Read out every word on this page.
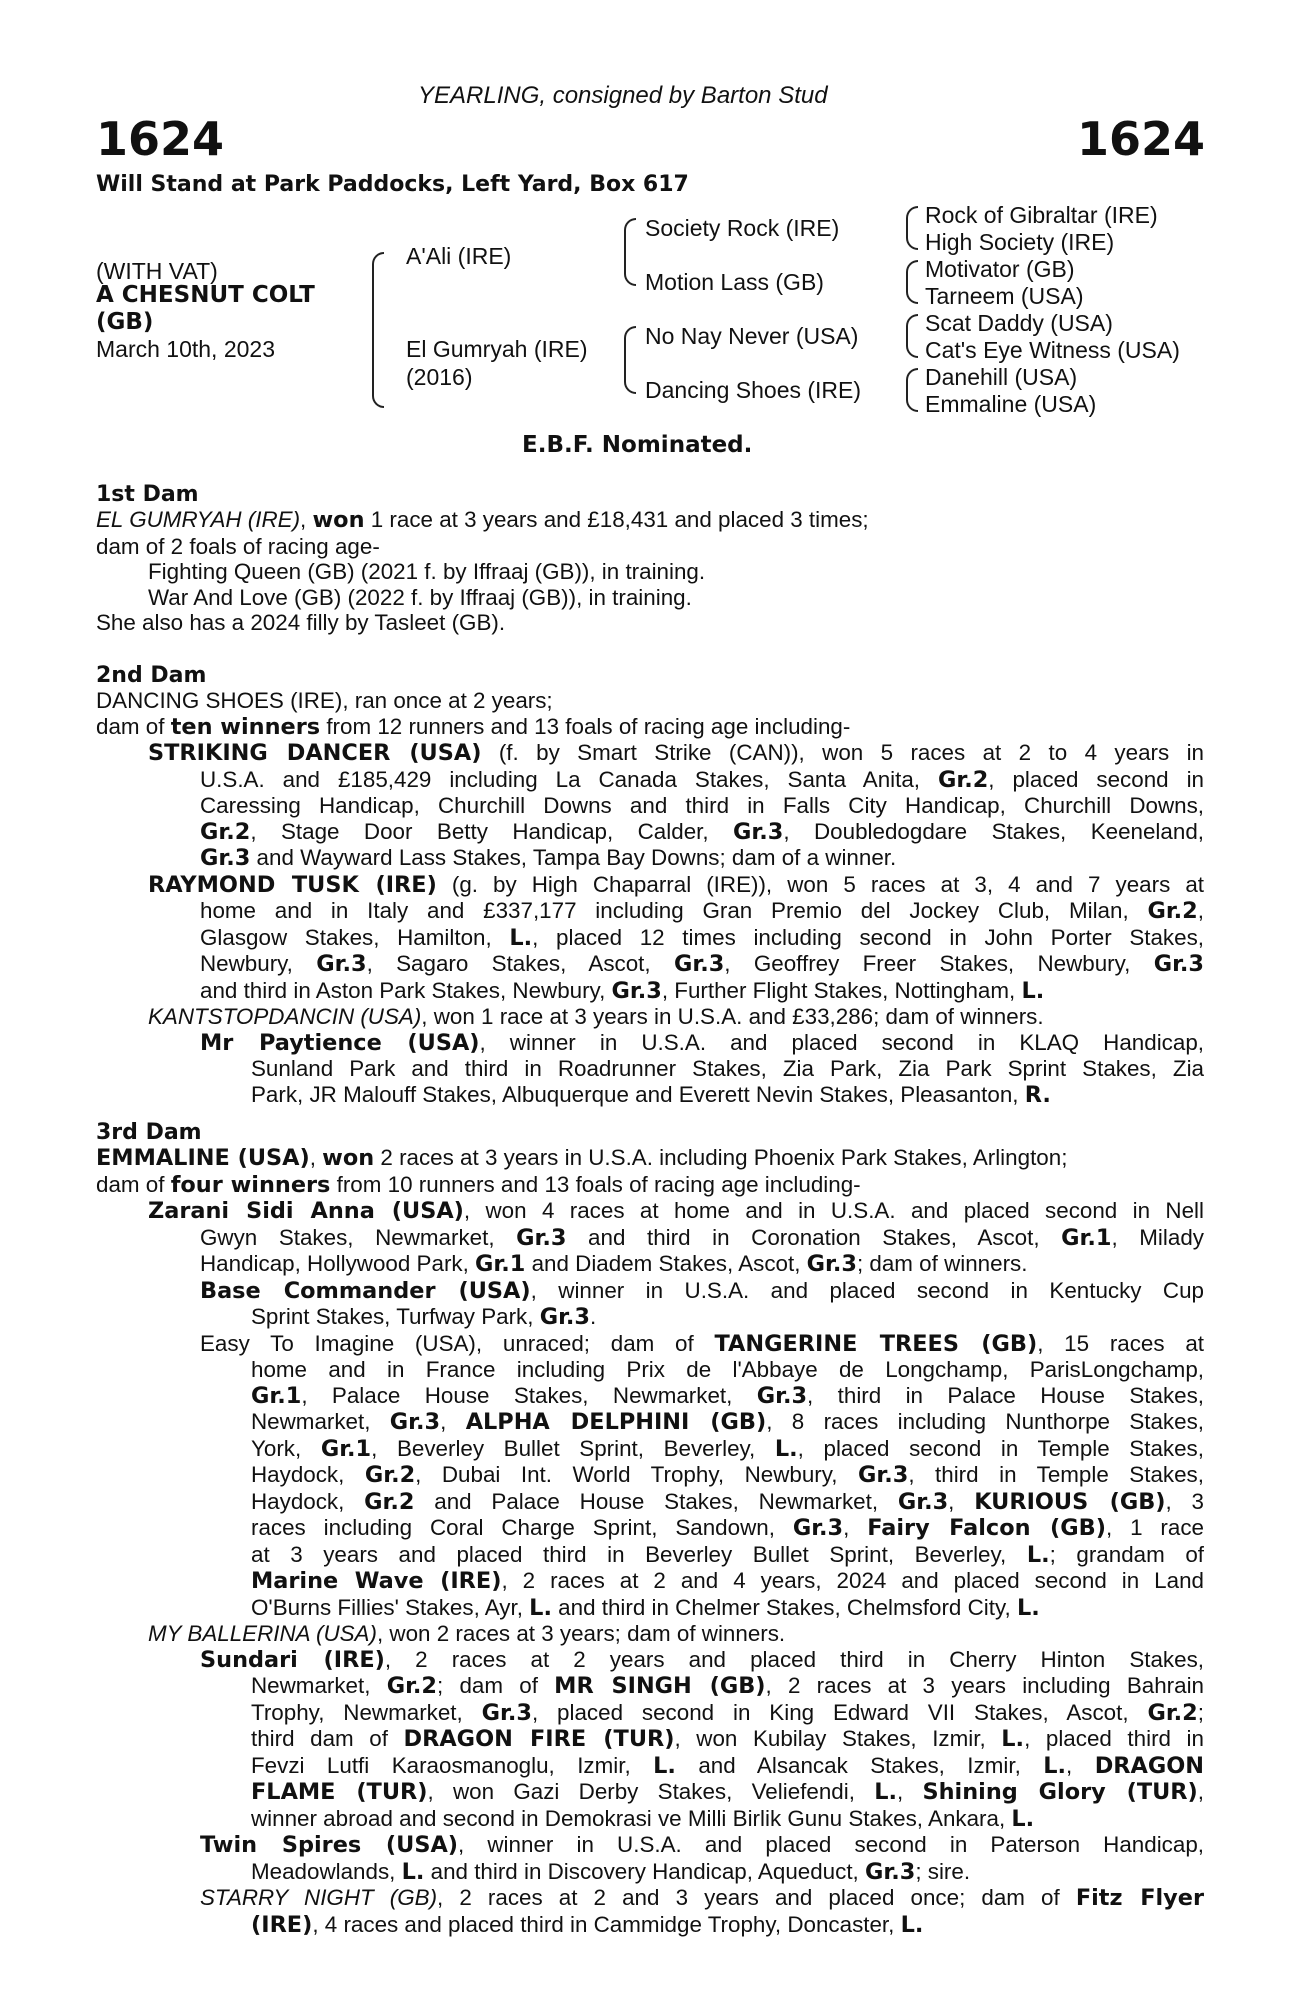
1624	1624
YEARLING, consigned by Barton Stud
Will Stand at Park Paddocks, Left Yard, Box 617
(WITH VAT)
A CHESNUT COLT
(GB)
March 10th, 2023
A'Ali (IRE)
El Gumryah (IRE)
(2016)
Society Rock (IRE)
Motion Lass (GB)
No Nay Never (USA)
Dancing Shoes (IRE)
Rock of Gibraltar (IRE)
High Society (IRE)
Motivator (GB)
Tarneem (USA)
Scat Daddy (USA)
Cat's Eye Witness (USA)
Danehill (USA)
Emmaline (USA)
E.B.F. Nominated.
1st Dam
EL GUMRYAH (IRE), won 1 race at 3 years and £18,431 and placed 3 times;
dam of 2 foals of racing age-
Fighting Queen (GB) (2021 f. by Iffraaj (GB)), in training.
War And Love (GB) (2022 f. by Iffraaj (GB)), in training.
She also has a 2024 filly by Tasleet (GB).
2nd Dam
DANCING SHOES (IRE), ran once at 2 years;
dam of ten winners from 12 runners and 13 foals of racing age including-
STRIKING DANCER (USA) (f. by Smart Strike (CAN)), won 5 races at 2 to 4 years in
U.S.A. and £185,429 including La Canada Stakes, Santa Anita, Gr.2, placed second in
Caressing Handicap, Churchill Downs and third in Falls City Handicap, Churchill Downs,
Gr.2, Stage Door Betty Handicap, Calder, Gr.3, Doubledogdare Stakes, Keeneland,
Gr.3 and Wayward Lass Stakes, Tampa Bay Downs; dam of a winner.
RAYMOND TUSK (IRE) (g. by High Chaparral (IRE)), won 5 races at 3, 4 and 7 years at
home and in Italy and £337,177 including Gran Premio del Jockey Club, Milan, Gr.2,
Glasgow Stakes, Hamilton, L., placed 12 times including second in John Porter Stakes,
Newbury, Gr.3, Sagaro Stakes, Ascot, Gr.3, Geoffrey Freer Stakes, Newbury, Gr.3
and third in Aston Park Stakes, Newbury, Gr.3, Further Flight Stakes, Nottingham, L.
KANTSTOPDANCIN (USA), won 1 race at 3 years in U.S.A. and £33,286; dam of winners.
Mr Paytience (USA), winner in U.S.A. and placed second in KLAQ Handicap,
Sunland Park and third in Roadrunner Stakes, Zia Park, Zia Park Sprint Stakes, Zia
Park, JR Malouff Stakes, Albuquerque and Everett Nevin Stakes, Pleasanton, R.
3rd Dam
EMMALINE (USA), won 2 races at 3 years in U.S.A. including Phoenix Park Stakes, Arlington;
dam of four winners from 10 runners and 13 foals of racing age including-
Zarani Sidi Anna (USA), won 4 races at home and in U.S.A. and placed second in Nell
Gwyn Stakes, Newmarket, Gr.3 and third in Coronation Stakes, Ascot, Gr.1, Milady
Handicap, Hollywood Park, Gr.1 and Diadem Stakes, Ascot, Gr.3; dam of winners.
Base Commander (USA), winner in U.S.A. and placed second in Kentucky Cup
Sprint Stakes, Turfway Park, Gr.3.
Easy To Imagine (USA), unraced; dam of TANGERINE TREES (GB), 15 races at
home and in France including Prix de l'Abbaye de Longchamp, ParisLongchamp,
Gr.1, Palace House Stakes, Newmarket, Gr.3, third in Palace House Stakes,
Newmarket, Gr.3, ALPHA DELPHINI (GB), 8 races including Nunthorpe Stakes,
York, Gr.1, Beverley Bullet Sprint, Beverley, L., placed second in Temple Stakes,
Haydock, Gr.2, Dubai Int. World Trophy, Newbury, Gr.3, third in Temple Stakes,
Haydock, Gr.2 and Palace House Stakes, Newmarket, Gr.3, KURIOUS (GB), 3
races including Coral Charge Sprint, Sandown, Gr.3, Fairy Falcon (GB), 1 race
at 3 years and placed third in Beverley Bullet Sprint, Beverley, L.; grandam of
Marine Wave (IRE), 2 races at 2 and 4 years, 2024 and placed second in Land
O'Burns Fillies' Stakes, Ayr, L. and third in Chelmer Stakes, Chelmsford City, L.
MY BALLERINA (USA), won 2 races at 3 years; dam of winners.
Sundari (IRE), 2 races at 2 years and placed third in Cherry Hinton Stakes,
Newmarket, Gr.2; dam of MR SINGH (GB), 2 races at 3 years including Bahrain
Trophy, Newmarket, Gr.3, placed second in King Edward VII Stakes, Ascot, Gr.2;
third dam of DRAGON FIRE (TUR), won Kubilay Stakes, Izmir, L., placed third in
Fevzi Lutfi Karaosmanoglu, Izmir, L. and Alsancak Stakes, Izmir, L., DRAGON
FLAME (TUR), won Gazi Derby Stakes, Veliefendi, L., Shining Glory (TUR),
winner abroad and second in Demokrasi ve Milli Birlik Gunu Stakes, Ankara, L.
Twin Spires (USA), winner in U.S.A. and placed second in Paterson Handicap,
Meadowlands, L. and third in Discovery Handicap, Aqueduct, Gr.3; sire.
STARRY NIGHT (GB), 2 races at 2 and 3 years and placed once; dam of Fitz Flyer
(IRE), 4 races and placed third in Cammidge Trophy, Doncaster, L.
